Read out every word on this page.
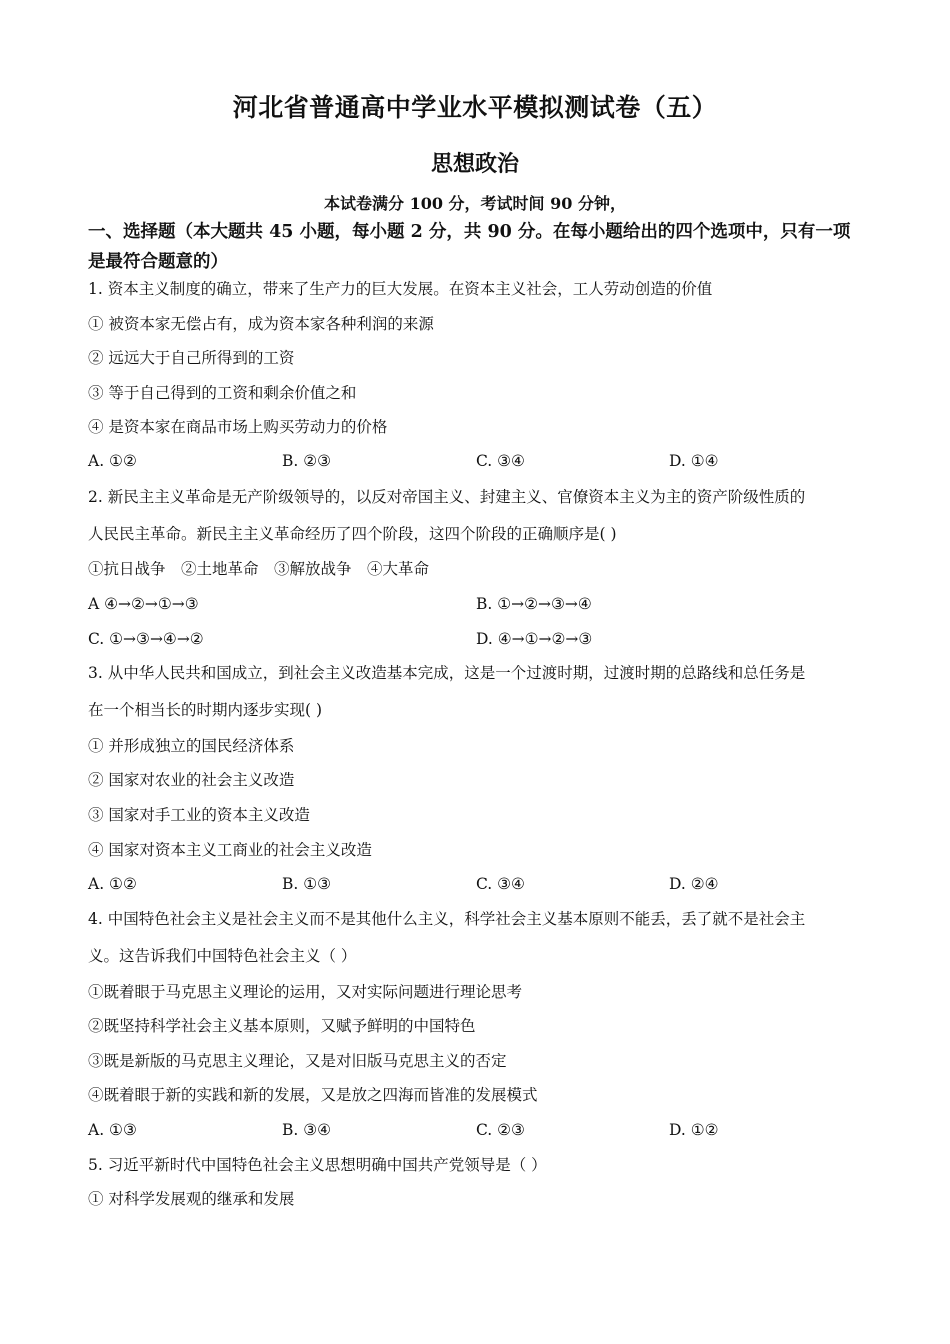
河北省普通高中学业水平模拟测试卷（五）
思想政治
本试卷满分 100 分，考试时间 90 分钟，
一、选择题（本大题共 45 小题，每小题 2 分，共 90 分。在每小题给出的四个选项中，只有一项是最符合题意的）
1. 资本主义制度的确立，带来了生产力的巨大发展。在资本主义社会，工人劳动创造的价值
① 被资本家无偿占有，成为资本家各种利润的来源
② 远远大于自己所得到的工资
③ 等于自己得到的工资和剩余价值之和
④ 是资本家在商品市场上购买劳动力的价格
A. ①②	B. ②③	C. ③④	D. ①④
2. 新民主主义革命是无产阶级领导的，以反对帝国主义、封建主义、官僚资本主义为主的资产阶级性质的
人民民主革命。新民主主义革命经历了四个阶段，这四个阶段的正确顺序是( )
①抗日战争　②土地革命　③解放战争　④大革命
A ④→②→①→③	B. ①→②→③→④
C. ①→③→④→②	D. ④→①→②→③
3. 从中华人民共和国成立，到社会主义改造基本完成，这是一个过渡时期，过渡时期的总路线和总任务是
在一个相当长的时期内逐步实现( )
① 并形成独立的国民经济体系
② 国家对农业的社会主义改造
③ 国家对手工业的资本主义改造
④ 国家对资本主义工商业的社会主义改造
A. ①②	B. ①③	C. ③④	D. ②④
4. 中国特色社会主义是社会主义而不是其他什么主义，科学社会主义基本原则不能丢，丢了就不是社会主
义。这告诉我们中国特色社会主义（ ）
①既着眼于马克思主义理论的运用，又对实际问题进行理论思考
②既坚持科学社会主义基本原则，又赋予鲜明的中国特色
③既是新版的马克思主义理论，又是对旧版马克思主义的否定
④既着眼于新的实践和新的发展，又是放之四海而皆准的发展模式
A. ①③	B. ③④	C. ②③	D. ①②
5. 习近平新时代中国特色社会主义思想明确中国共产党领导是（ ）
① 对科学发展观的继承和发展
